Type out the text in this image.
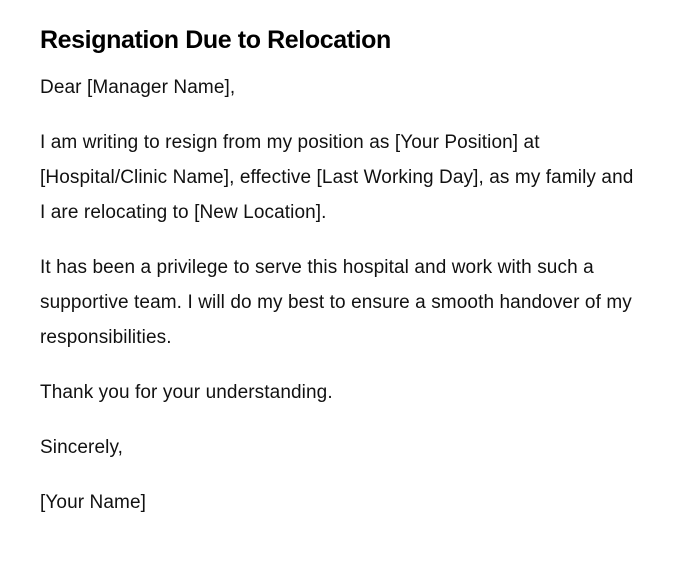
Resignation Due to Relocation

Dear [Manager Name],

I am writing to resign from my position as [Your Position] at [Hospital/Clinic Name], effective [Last Working Day], as my family and I are relocating to [New Location].

It has been a privilege to serve this hospital and work with such a supportive team. I will do my best to ensure a smooth handover of my responsibilities.

Thank you for your understanding.

Sincerely,

[Your Name]
